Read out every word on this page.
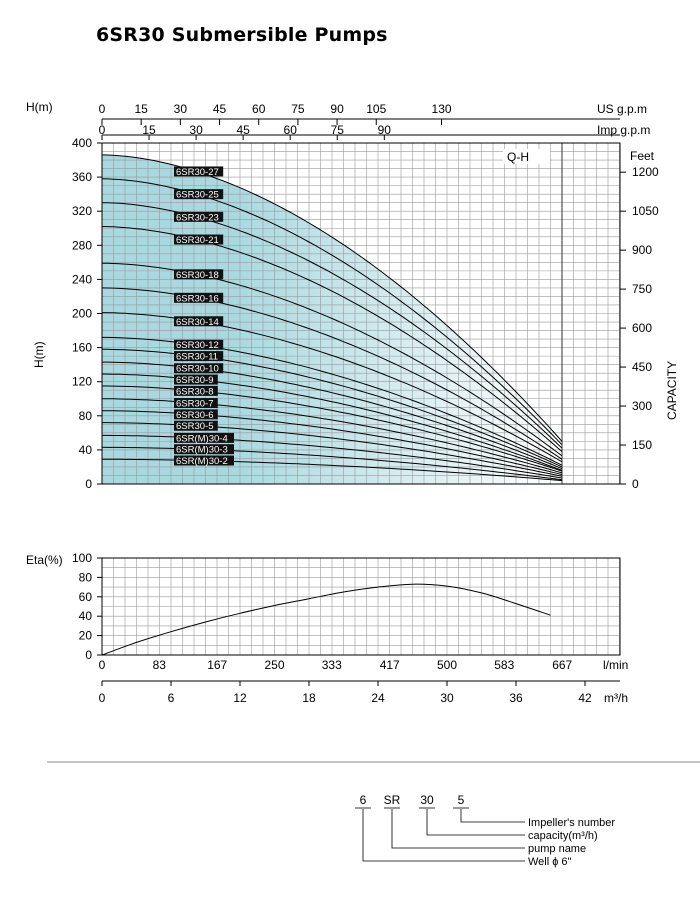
6SR30 Submersible Pumps
6SR30-27
6SR30-25
6SR30-23
6SR30-21
6SR30-18
6SR30-16
6SR30-14
6SR30-12
6SR30-11
6SR30-10
6SR30-9
6SR30-8
6SR30-7
6SR30-6
6SR30-5
6SR(M)30-4
6SR(M)30-3
6SR(M)30-2
Q-H
0
40
80
120
160
200
240
280
320
360
400
H(m)
H(m)
0
150
300
450
600
750
900
1050
1200
Feet
CAPACITY
0 15 30 45 60 75 90 105	130	US g.p.m
0	15	30	45	60	75	90	Imp g.p.m
0
20
40
60
80
100
Eta(%)
0	83	167	250	333	417	500	583	667	l/min
0	6	12	18	24	30	36	42 m³/h
6 SR 30 5
Impeller's number
capacity(m³/h)
pump name
Well ɸ 6"
